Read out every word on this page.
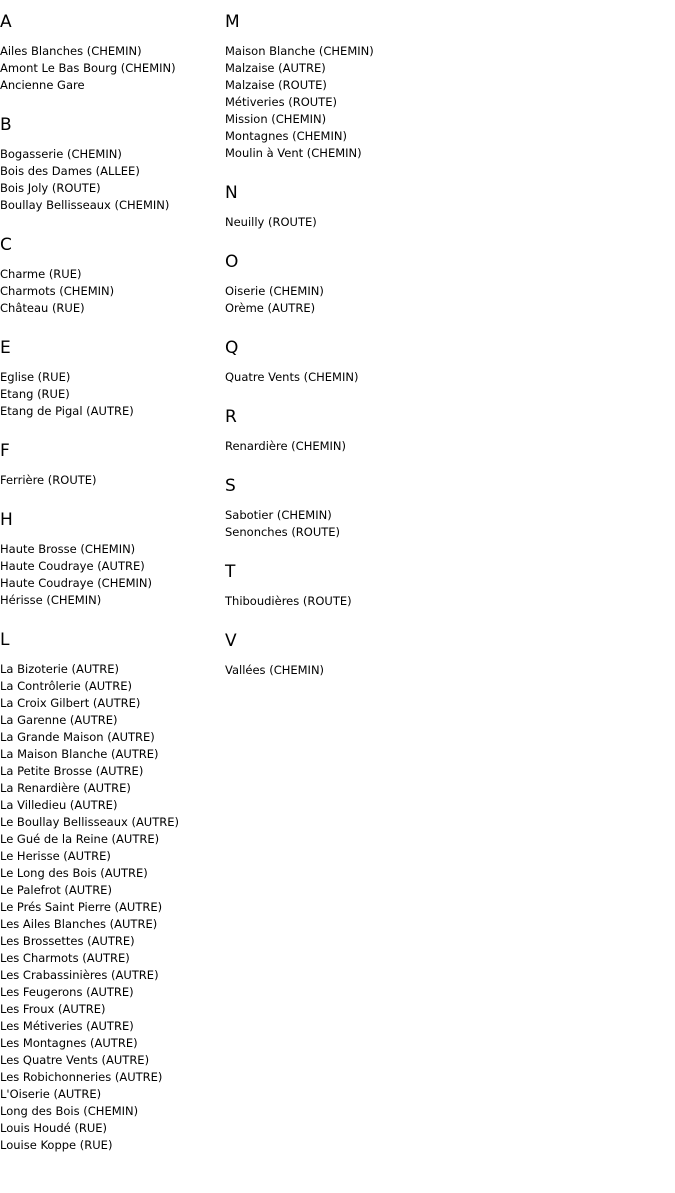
A
Ailes Blanches (CHEMIN)
Amont Le Bas Bourg (CHEMIN)
Ancienne Gare
B
Bogasserie (CHEMIN)
Bois des Dames (ALLEE)
Bois Joly (ROUTE)
Boullay Bellisseaux (CHEMIN)
C
Charme (RUE)
Charmots (CHEMIN)
Château (RUE)
E
Eglise (RUE)
Etang (RUE)
Etang de Pigal (AUTRE)
F
Ferrière (ROUTE)
H
Haute Brosse (CHEMIN)
Haute Coudraye (AUTRE)
Haute Coudraye (CHEMIN)
Hérisse (CHEMIN)
L
La Bizoterie (AUTRE)
La Contrôlerie (AUTRE)
La Croix Gilbert (AUTRE)
La Garenne (AUTRE)
La Grande Maison (AUTRE)
La Maison Blanche (AUTRE)
La Petite Brosse (AUTRE)
La Renardière (AUTRE)
La Villedieu (AUTRE)
Le Boullay Bellisseaux (AUTRE)
Le Gué de la Reine (AUTRE)
Le Herisse (AUTRE)
Le Long des Bois (AUTRE)
Le Palefrot (AUTRE)
Le Prés Saint Pierre (AUTRE)
Les Ailes Blanches (AUTRE)
Les Brossettes (AUTRE)
Les Charmots (AUTRE)
Les Crabassinières (AUTRE)
Les Feugerons (AUTRE)
Les Froux (AUTRE)
Les Métiveries (AUTRE)
Les Montagnes (AUTRE)
Les Quatre Vents (AUTRE)
Les Robichonneries (AUTRE)
L'Oiserie (AUTRE)
Long des Bois (CHEMIN)
Louis Houdé (RUE)
Louise Koppe (RUE)
M
Maison Blanche (CHEMIN)
Malzaise (AUTRE)
Malzaise (ROUTE)
Métiveries (ROUTE)
Mission (CHEMIN)
Montagnes (CHEMIN)
Moulin à Vent (CHEMIN)
N
Neuilly (ROUTE)
O
Oiserie (CHEMIN)
Orème (AUTRE)
Q
Quatre Vents (CHEMIN)
R
Renardière (CHEMIN)
S
Sabotier (CHEMIN)
Senonches (ROUTE)
T
Thiboudières (ROUTE)
V
Vallées (CHEMIN)
